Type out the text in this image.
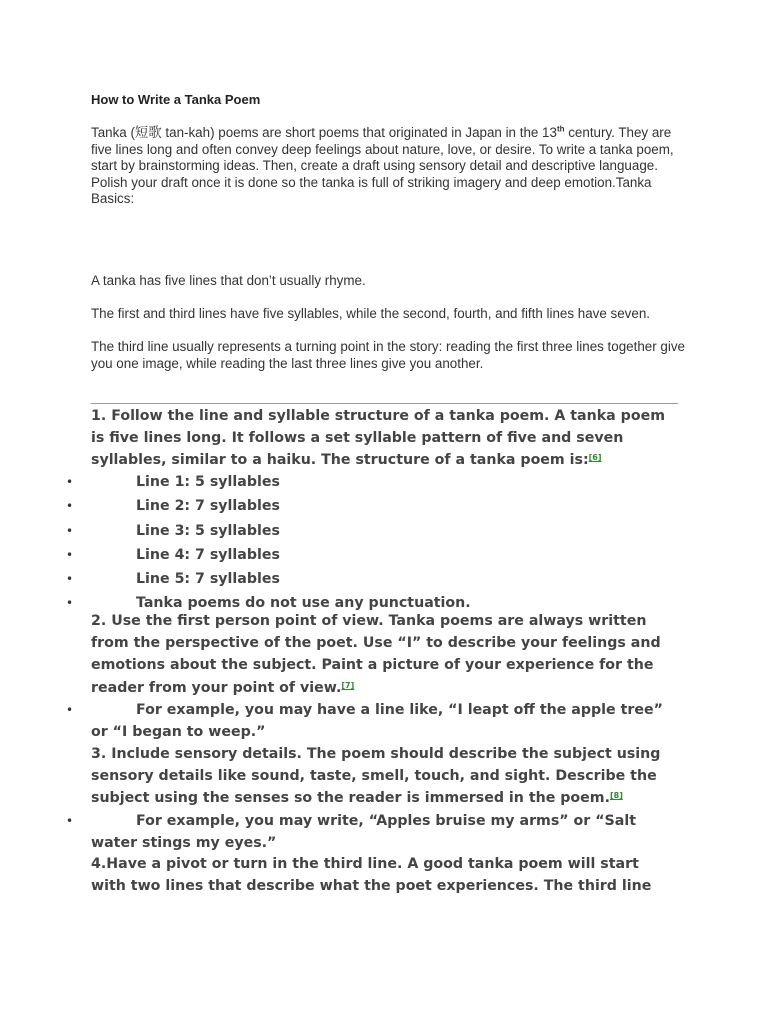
How to Write a Tanka Poem

Tanka (短歌 tan-kah) poems are short poems that originated in Japan in the 13th century. They are five lines long and often convey deep feelings about nature, love, or desire. To write a tanka poem, start by brainstorming ideas. Then, create a draft using sensory detail and descriptive language. Polish your draft once it is done so the tanka is full of striking imagery and deep emotion.Tanka Basics:

A tanka has five lines that don’t usually rhyme.

The first and third lines have five syllables, while the second, fourth, and fifth lines have seven.

The third line usually represents a turning point in the story: reading the first three lines together give you one image, while reading the last three lines give you another.

1. Follow the line and syllable structure of a tanka poem. A tanka poem is five lines long. It follows a set syllable pattern of five and seven syllables, similar to a haiku. The structure of a tanka poem is:[6]

•	Line 1: 5 syllables
•	Line 2: 7 syllables
•	Line 3: 5 syllables
•	Line 4: 7 syllables
•	Line 5: 7 syllables
•	Tanka poems do not use any punctuation.

2. Use the first person point of view. Tanka poems are always written from the perspective of the poet. Use “I” to describe your feelings and emotions about the subject. Paint a picture of your experience for the reader from your point of view.[7]

•	For example, you may have a line like, “I leapt off the apple tree” or “I began to weep.”

3. Include sensory details. The poem should describe the subject using sensory details like sound, taste, smell, touch, and sight. Describe the subject using the senses so the reader is immersed in the poem.[8]

•	For example, you may write, “Apples bruise my arms” or “Salt water stings my eyes.”

4.Have a pivot or turn in the third line. A good tanka poem will start with two lines that describe what the poet experiences. The third line
